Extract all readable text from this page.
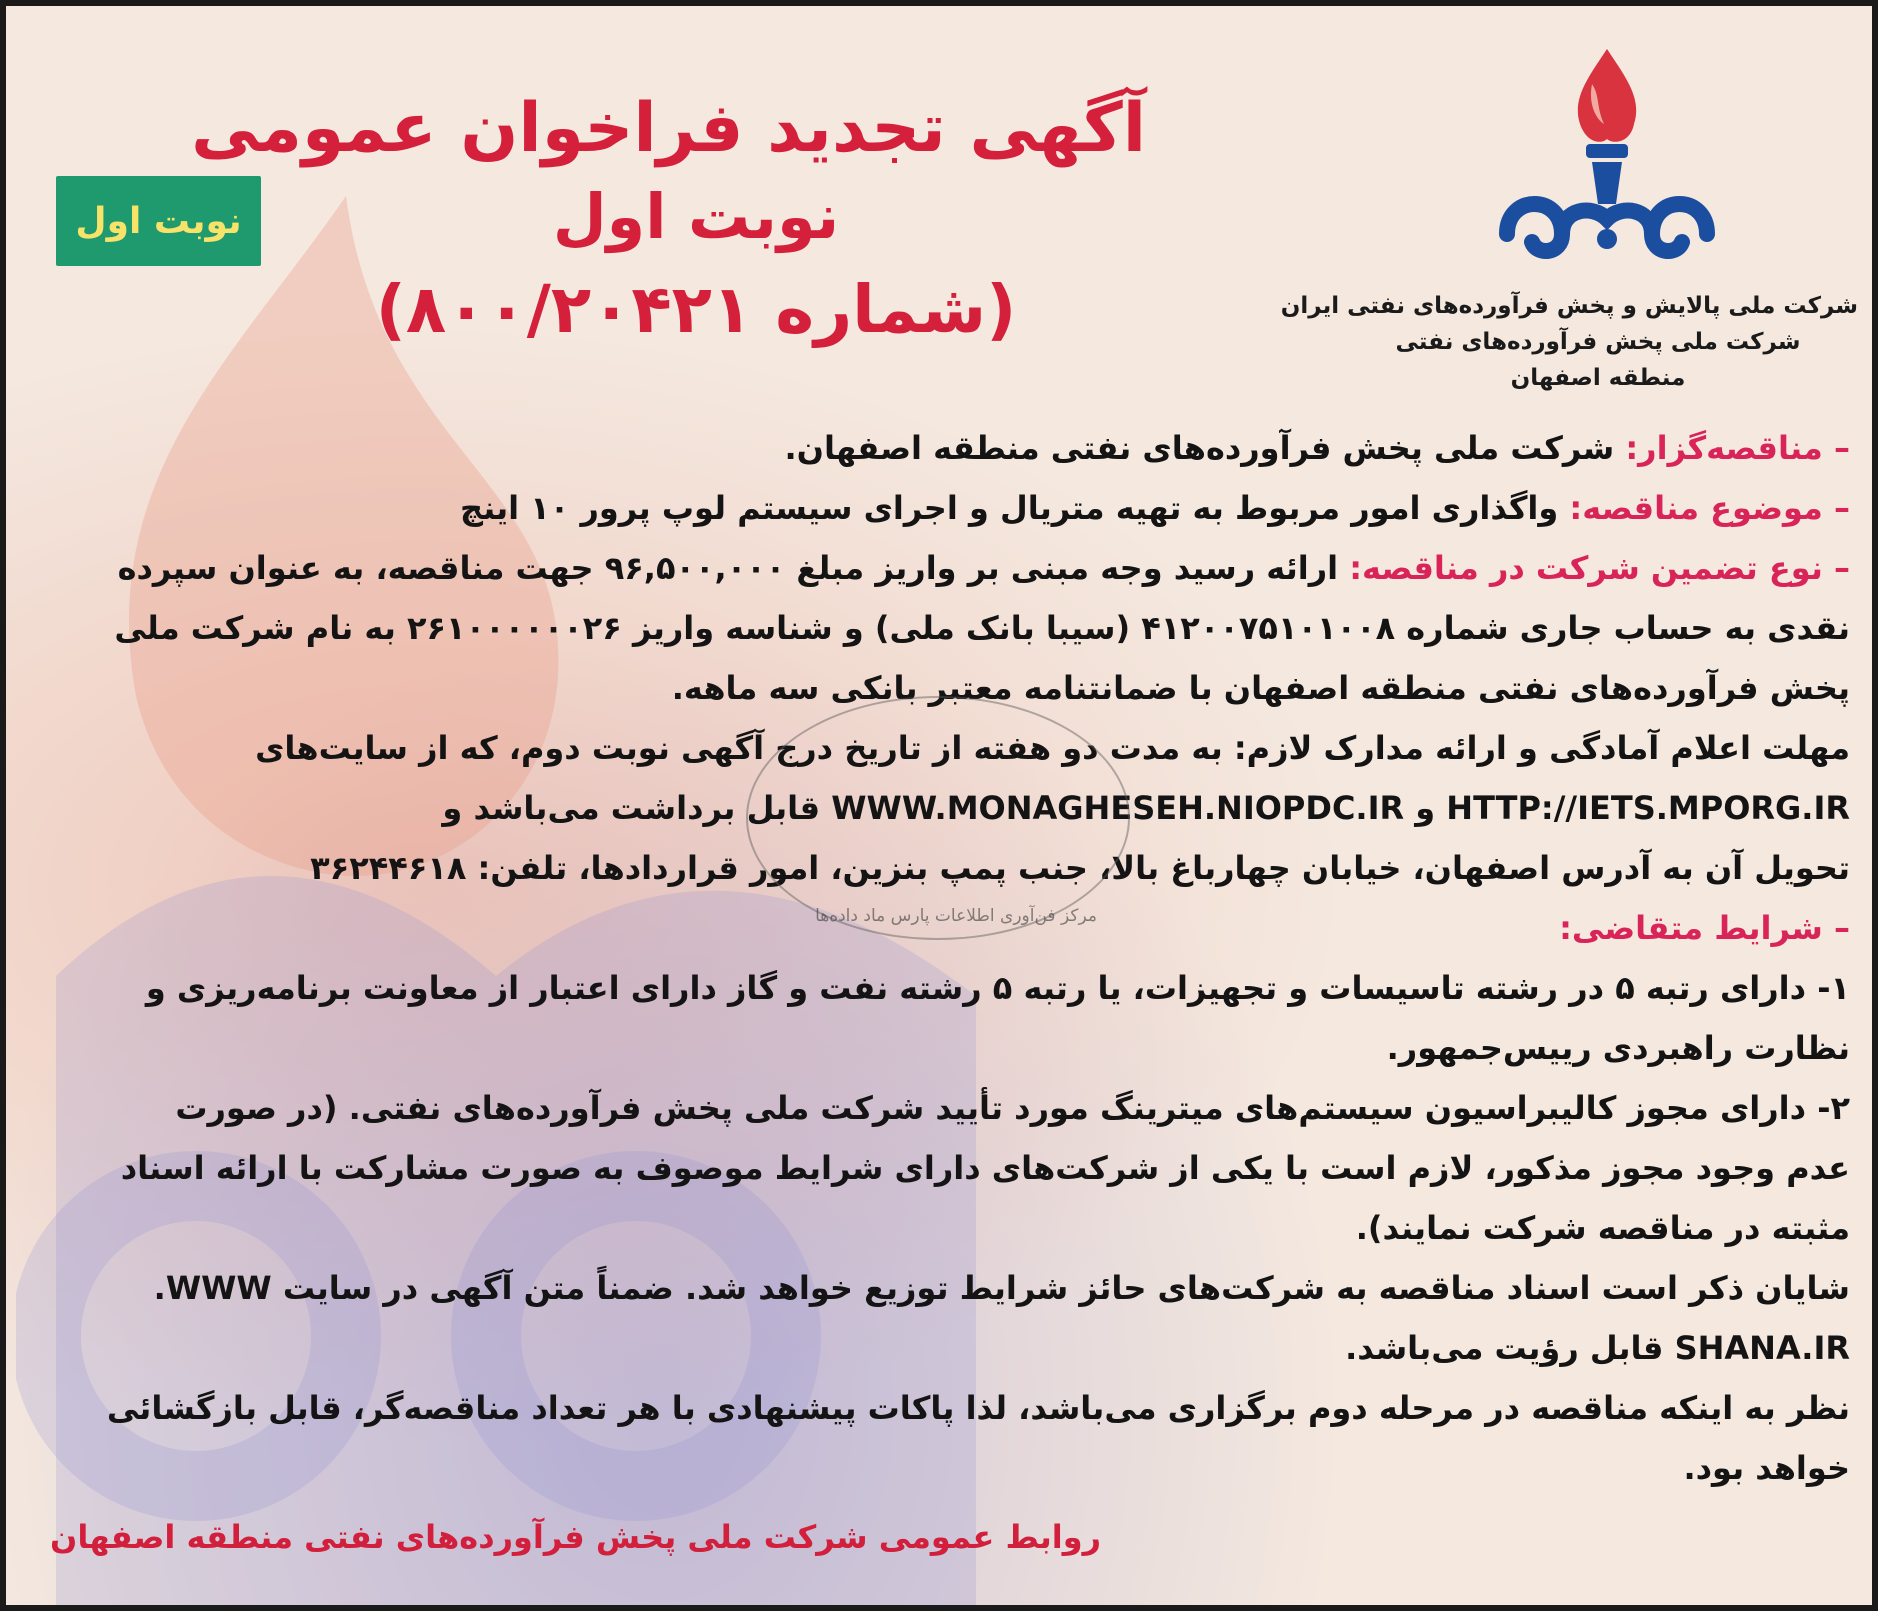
شرکت ملی پالایش و پخش فرآورده‌های نفتی ایران
شرکت ملی پخش فرآورده‌های نفتی
منطقه اصفهان
آگهی تجدید فراخوان عمومی
نوبت اول
(شماره ۸۰۰/۲۰۴۲۱)
نوبت اول
– مناقصه‌گزار: شرکت ملی پخش فرآورده‌های نفتی منطقه اصفهان.
– موضوع مناقصه: واگذاری امور مربوط به تهیه متریال و اجرای سیستم لوپ پرور ۱۰ اینچ
– نوع تضمین شرکت در مناقصه: ارائه رسید وجه مبنی بر واریز مبلغ ۹۶,۵۰۰,۰۰۰ جهت مناقصه، به عنوان سپرده
نقدی به حساب جاری شماره ۴۱۲۰۰۷۵۱۰۱۰۰۸ (سیبا بانک ملی) و شناسه واریز ۲۶۱۰۰۰۰۰۰۲۶ به نام شرکت ملی
پخش فرآورده‌های نفتی منطقه اصفهان با ضمانتنامه معتبر بانکی سه ماهه.
مهلت اعلام آمادگی و ارائه مدارک لازم: به مدت دو هفته از تاریخ درج آگهی نوبت دوم، که از سایت‌های
HTTP://IETS.MPORG.IR و WWW.MONAGHESEH.NIOPDC.IR قابل برداشت می‌باشد و
تحویل آن به آدرس اصفهان، خیابان چهارباغ بالا، جنب پمپ بنزین، امور قراردادها، تلفن: ۳۶۲۴۴۶۱۸
– شرایط متقاضی:
۱- دارای رتبه ۵ در رشته تاسیسات و تجهیزات، یا رتبه ۵ رشته نفت و گاز دارای اعتبار از معاونت برنامه‌ریزی و
نظارت راهبردی رییس‌جمهور.
۲- دارای مجوز کالیبراسیون سیستم‌های میترینگ مورد تأیید شرکت ملی پخش فرآورده‌های نفتی. (در صورت
عدم وجود مجوز مذکور، لازم است با یکی از شرکت‌های دارای شرایط موصوف به صورت مشارکت با ارائه اسناد
مثبته در مناقصه شرکت نمایند).
شایان ذکر است اسناد مناقصه به شرکت‌های حائز شرایط توزیع خواهد شد. ضمناً متن آگهی در سایت WWW.
SHANA.IR قابل رؤیت می‌باشد.
نظر به اینکه مناقصه در مرحله دوم برگزاری می‌باشد، لذا پاکات پیشنهادی با هر تعداد مناقصه‌گر، قابل بازگشائی
خواهد بود.
مرکز فن‌آوری اطلاعات پارس ماد داده‌ها
روابط عمومی شرکت ملی پخش فرآورده‌های نفتی منطقه اصفهان
